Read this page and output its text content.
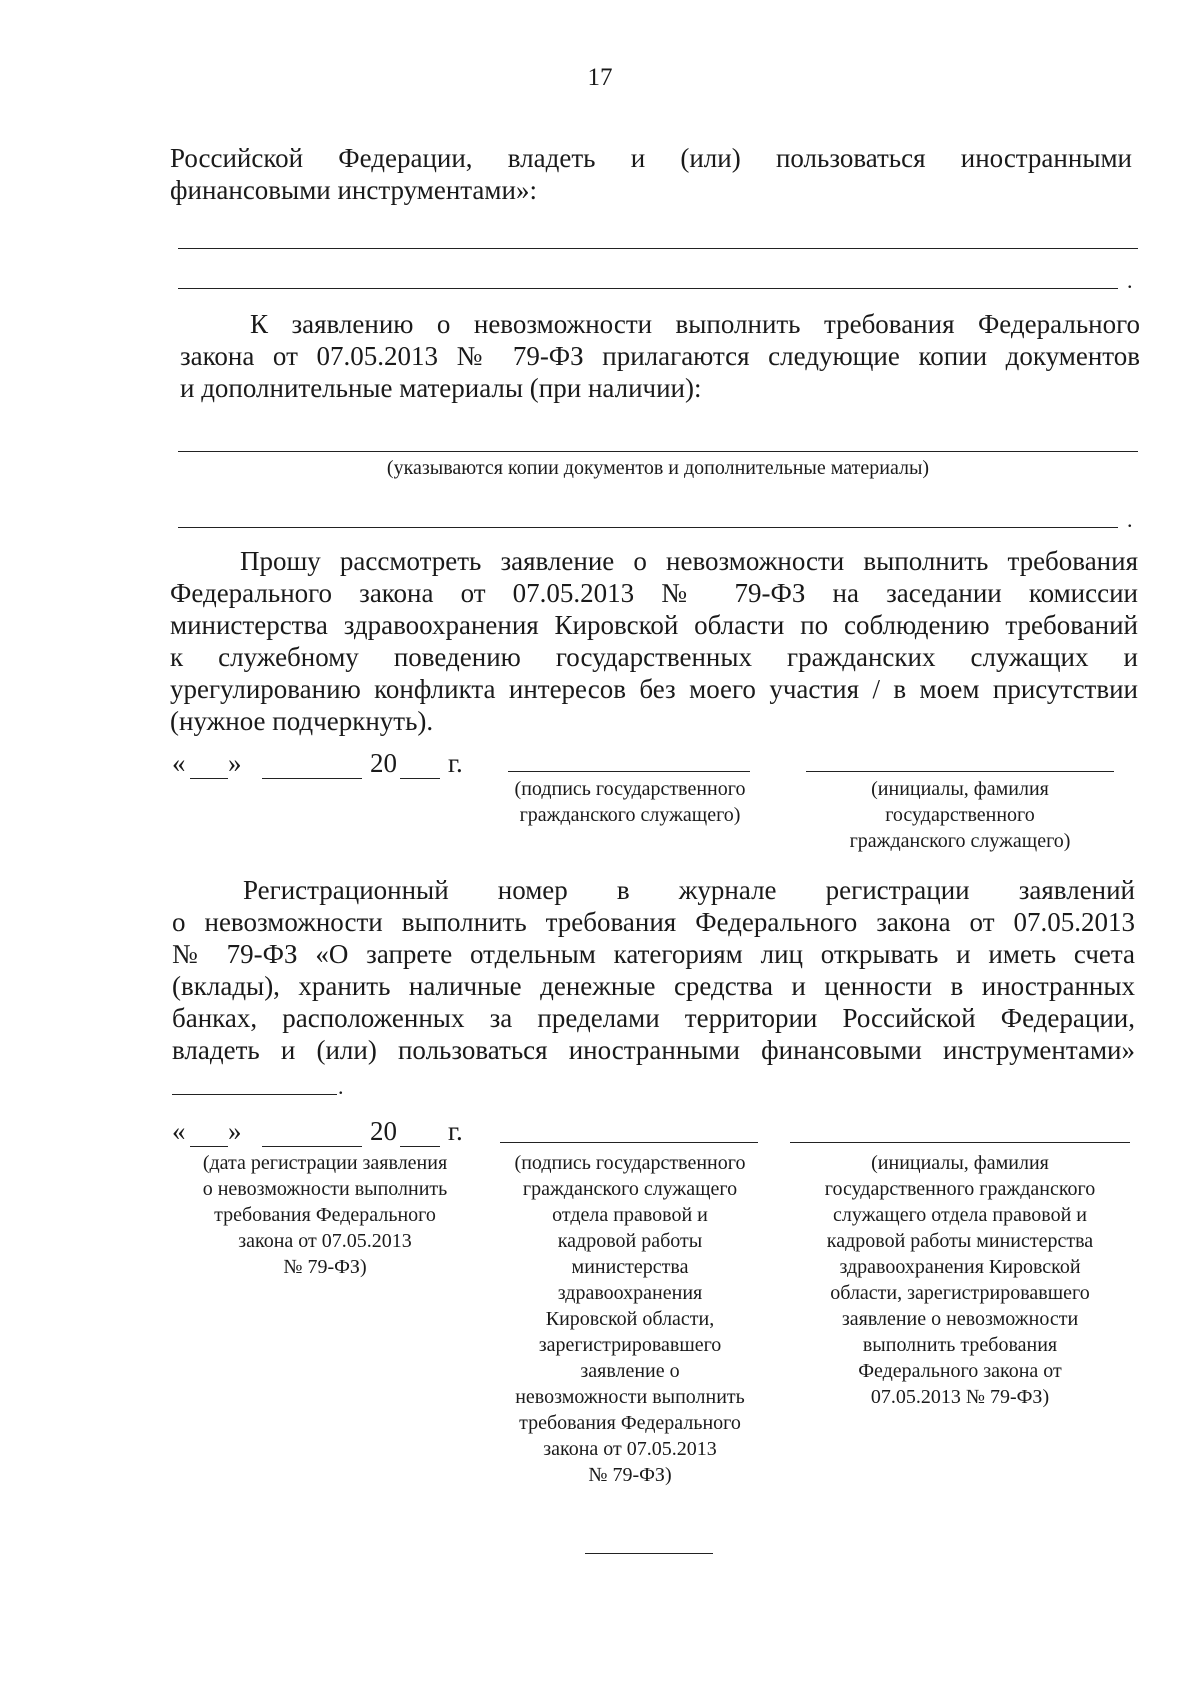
17
Российской Федерации, владеть и (или) пользоваться иностранными
финансовыми инструментами»:
.
К заявлению о невозможности выполнить требования Федерального
закона от 07.05.2013 № 79-ФЗ прилагаются следующие копии документов
и дополнительные материалы (при наличии):
(указываются копии документов и дополнительные материалы)
.
Прошу рассмотреть заявление о невозможности выполнить требования
Федерального закона от 07.05.2013 № 79-ФЗ на заседании комиссии
министерства здравоохранения Кировской области по соблюдению требований
к служебному поведению государственных гражданских служащих и
урегулированию конфликта интересов без моего участия / в моем присутствии
(нужное подчеркнуть).
« »	20 г.
(подпись государственного
гражданского служащего)
(инициалы, фамилия
государственного
гражданского служащего)
Регистрационный номер в журнале регистрации заявлений
о невозможности выполнить требования Федерального закона от 07.05.2013
№ 79-ФЗ «О запрете отдельным категориям лиц открывать и иметь счета
(вклады), хранить наличные денежные средства и ценности в иностранных
банках, расположенных за пределами территории Российской Федерации,
владеть и (или) пользоваться иностранными финансовыми инструментами»
.
« »	20 г.
(дата регистрации заявления
о невозможности выполнить
требования Федерального
закона от 07.05.2013
№ 79-ФЗ)
(подпись государственного
гражданского служащего
отдела правовой и
кадровой работы
министерства
здравоохранения
Кировской области,
зарегистрировавшего
заявление о
невозможности выполнить
требования Федерального
закона от 07.05.2013
№ 79-ФЗ)
(инициалы, фамилия
государственного гражданского
служащего отдела правовой и
кадровой работы министерства
здравоохранения Кировской
области, зарегистрировавшего
заявление о невозможности
выполнить требования
Федерального закона от
07.05.2013 № 79-ФЗ)
